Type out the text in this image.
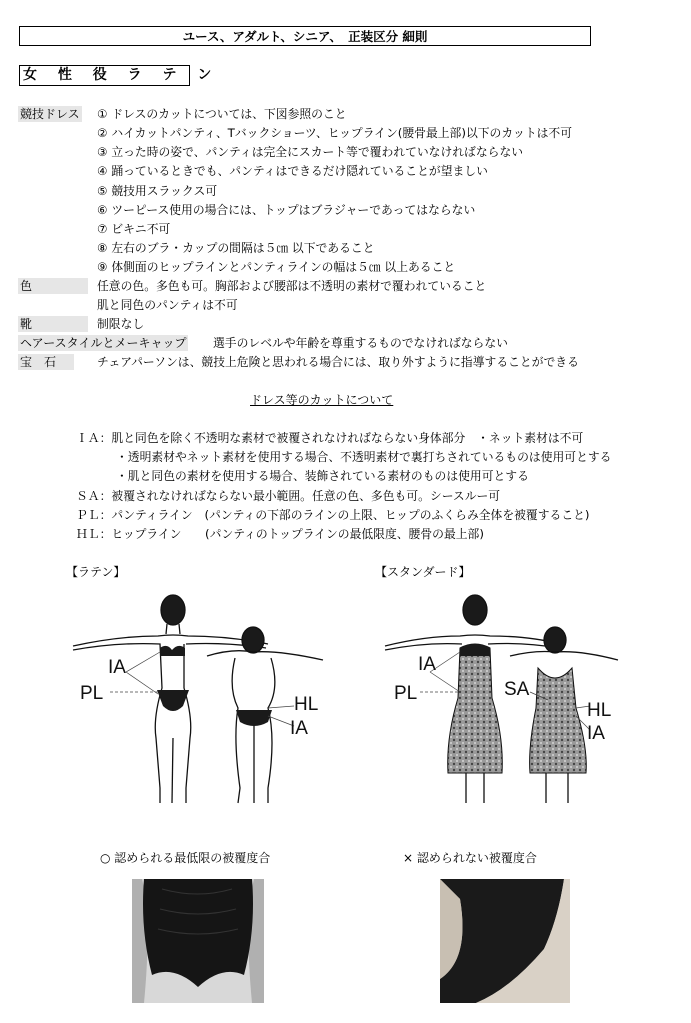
ユース、アダルト、シニア、　正装区分 細則
女 性 役 ラ テ ン
競技ドレス ① ドレスのカットについては、下図参照のこと
② ハイカットパンティ、Tバックショーツ、ヒップライン(腰骨最上部)以下のカットは不可
③ 立った時の姿で、パンティは完全にスカート等で覆われていなければならない
④ 踊っているときでも、パンティはできるだけ隠れていることが望ましい
⑤ 競技用スラックス可
⑥ ツーピース使用の場合には、トップはブラジャーであってはならない
⑦ ビキニ不可
⑧ 左右のブラ・カップの間隔は５㎝ 以下であること
⑨ 体側面のヒップラインとパンティラインの幅は５㎝ 以上あること
色	任意の色。多色も可。胸部および腰部は不透明の素材で覆われていること
肌と同色のパンティは不可
靴	制限なし
ヘアースタイルとメーキャップ 選手のレベルや年齢を尊重するものでなければならない
宝　石	チェアパーソンは、競技上危険と思われる場合には、取り外すように指導することができる
ドレス等のカットについて
ＩＡ：肌と同色を除く不透明な素材で被覆されなければならない身体部分　・ネット素材は不可
・透明素材やネット素材を使用する場合、不透明素材で裏打ちされているものは使用可とする
・肌と同色の素材を使用する場合、装飾されている素材のものは使用可とする
ＳＡ：被覆されなければならない最小範囲。任意の色、多色も可。シースルー可
ＰＬ：パンティライン　(パンティの下部のラインの上限、ヒップのふくらみ全体を被覆すること)
ＨＬ：ヒップライン　　(パンティのトップラインの最低限度、腰骨の最上部)
【ラテン】	【スタンダード】
IA
PL
HL
IA
IA
PL	SA
HL
IA
○ 認められる最低限の被覆度合	× 認められない被覆度合
